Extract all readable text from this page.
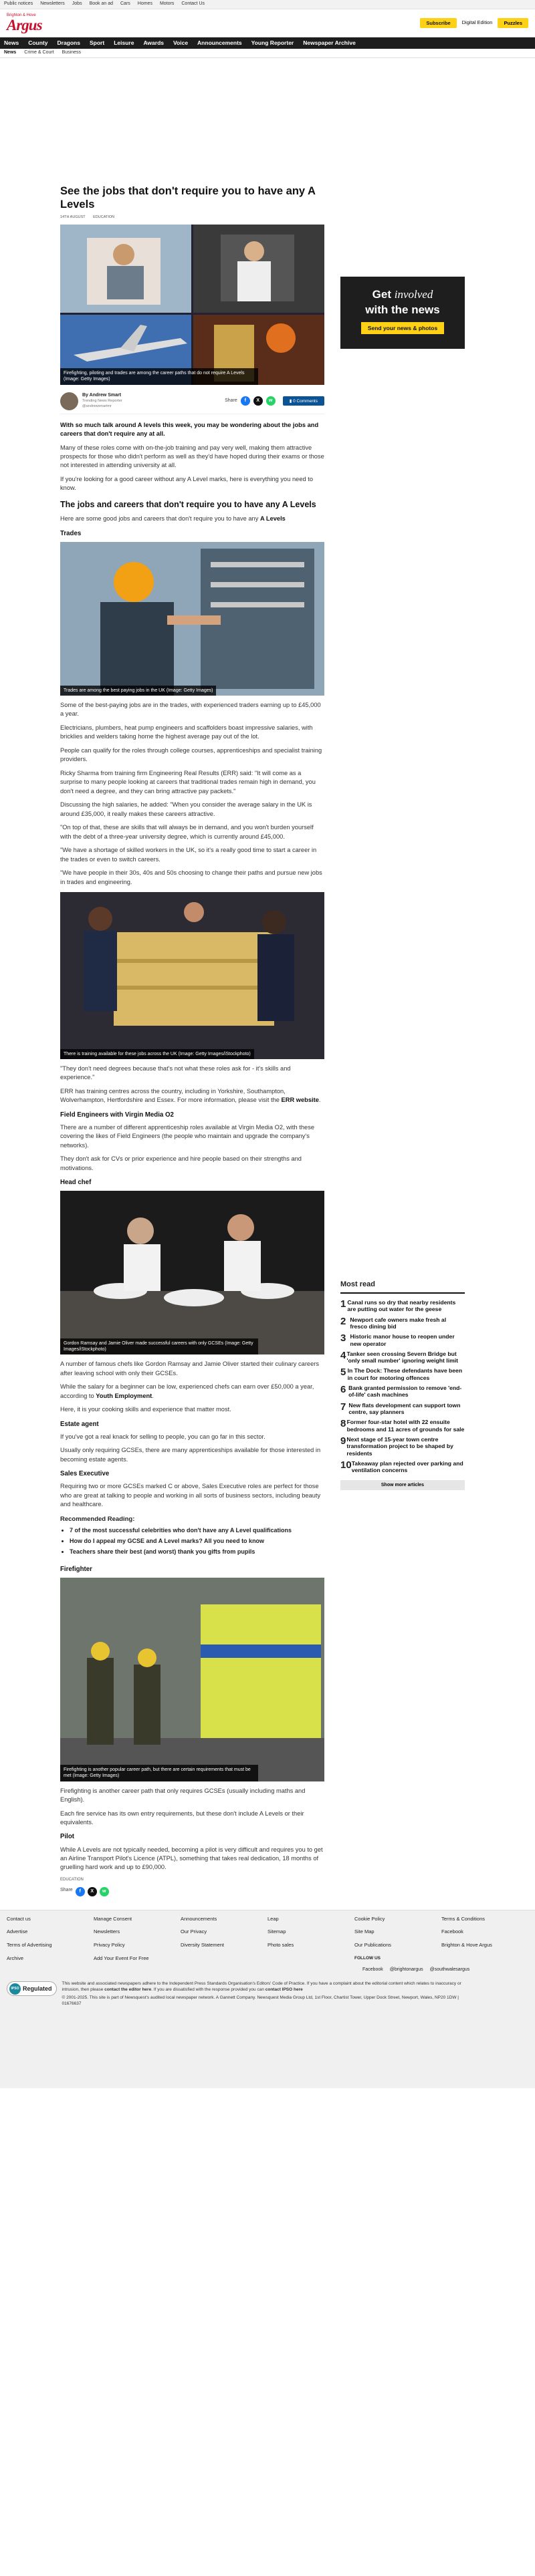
Public notices Newsletters Jobs Book an ad Cars Homes Motors Contact Us
Brighton & Hove
Argus	Subscribe	Digital Edition	Puzzles
News County Dragons Sport Leisure Awards Voice Announcements Young Reporter Newspaper Archive
News Crime & Court Business
See the jobs that don't require you to have any A Levels
14TH AUGUST EDUCATION
Firefighting, piloting and trades are among the career paths that do not require A Levels (Image: Getty Images)
By Andrew Smart
Trending News Reporter
@andrewsmartmr
Share	f	X	w	▮ 0 Comments

With so much talk around A levels this week, you may be wondering about the jobs and careers that don't require any at all.

Many of these roles come with on-the-job training and pay very well, making them attractive prospects for those who didn't perform as well as they'd have hoped during their exams or those not interested in attending university at all.

If you're looking for a good career without any A Level marks, here is everything you need to know.

The jobs and careers that don't require you to have any A Levels

Here are some good jobs and careers that don't require you to have any A Levels

Trades
Trades are among the best paying jobs in the UK (Image: Getty Images)

Some of the best-paying jobs are in the trades, with experienced traders earning up to £45,000 a year.

Electricians, plumbers, heat pump engineers and scaffolders boast impressive salaries, with bricklies and welders taking home the highest average pay out of the lot.

People can qualify for the roles through college courses, apprenticeships and specialist training providers.

Ricky Sharma from training firm Engineering Real Results (ERR) said: "It will come as a surprise to many people looking at careers that traditional trades remain high in demand, you don't need a degree, and they can bring attractive pay packets."

Discussing the high salaries, he added: "When you consider the average salary in the UK is around £35,000, it really makes these careers attractive.

"On top of that, these are skills that will always be in demand, and you won't burden yourself with the debt of a three-year university degree, which is currently around £45,000.

"We have a shortage of skilled workers in the UK, so it's a really good time to start a career in the trades or even to switch careers.

"We have people in their 30s, 40s and 50s choosing to change their paths and pursue new jobs in trades and engineering.

There is training available for these jobs across the UK (Image: Getty Images/iStockphoto)

"They don't need degrees because that's not what these roles ask for - it's skills and experience."

ERR has training centres across the country, including in Yorkshire, Southampton, Wolverhampton, Hertfordshire and Essex. For more information, please visit the ERR website.

Field Engineers with Virgin Media O2

There are a number of different apprenticeship roles available at Virgin Media O2, with these covering the likes of Field Engineers (the people who maintain and upgrade the company's networks).

They don't ask for CVs or prior experience and hire people based on their strengths and motivations.

Head chef
Gordon Ramsay and Jamie Oliver made successful careers with only GCSEs (Image: Getty Images/iStockphoto)

A number of famous chefs like Gordon Ramsay and Jamie Oliver started their culinary careers after leaving school with only their GCSEs.

While the salary for a beginner can be low, experienced chefs can earn over £50,000 a year, according to Youth Employment.

Here, it is your cooking skills and experience that matter most.

Estate agent

If you've got a real knack for selling to people, you can go far in this sector.

Usually only requiring GCSEs, there are many apprenticeships available for those interested in becoming estate agents.

Sales Executive

Requiring two or more GCSEs marked C or above, Sales Executive roles are perfect for those who are great at talking to people and working in all sorts of business sectors, including beauty and healthcare.

Recommended Reading:
• 7 of the most successful celebrities who don't have any A Level qualifications
• How do I appeal my GCSE and A Level marks? All you need to know
• Teachers share their best (and worst) thank you gifts from pupils
Firefighter
Firefighting is another popular career path, but there are certain requirements that must be met (Image: Getty Images)

Firefighting is another career path that only requires GCSEs (usually including maths and English).

Each fire service has its own entry requirements, but these don't include A Levels or their equivalents.

Pilot

While A Levels are not typically needed, becoming a pilot is very difficult and requires you to get an Airline Transport Pilot's Licence (ATPL), something that takes real dedication, 18 months of gruelling hard work and up to £90,000.

EDUCATION
Share	f	X	w
Get involved
with the news
Send your news & photos
Most read
1 Canal runs so dry that nearby residents are putting out water for the geese
2 Newport cafe owners make fresh al fresco dining bid
3 Historic manor house to reopen under new operator
4 Tanker seen crossing Severn Bridge but 'only small number' ignoring weight limit
5 In The Dock: These defendants have been in court for motoring offences
6 Bank granted permission to remove 'end-of-life' cash machines
7 New flats development can support town centre, say planners
8 Former four-star hotel with 22 ensuite bedrooms and 11 acres of grounds for sale
9 Next stage of 15-year town centre transformation project to be shaped by residents
10 Takeaway plan rejected over parking and ventilation concerns
Show more articles
Contact us	Manage Consent	Announcements	Leap	Cookie Policy	Terms & Conditions
Advertise	Newsletters	Our Privacy	Sitemap	Site Map	Facebook
Terms of Advertising	Privacy Policy	Diversity Statement	Photo sales	Our Publications	Brighton & Hove Argus
Archive	Add Your Event For Free	FOLLOW US
Facebook @brightonargus @southwalesargus
IPSO Regulated
This website and associated newspapers adhere to the Independent Press Standards Organisation's Editors' Code of Practice. If you have a complaint about the editorial content which relates to inaccuracy or intrusion, then please contact the editor here. If you are dissatisfied with the response provided you can contact IPSO here
© 2001-2025. This site is part of Newsquest's audited local newspaper network. A Gannett Company. Newsquest Media Group Ltd, 1st Floor, Chartist Tower, Upper Dock Street, Newport, Wales, NP20 1DW | 01676637
